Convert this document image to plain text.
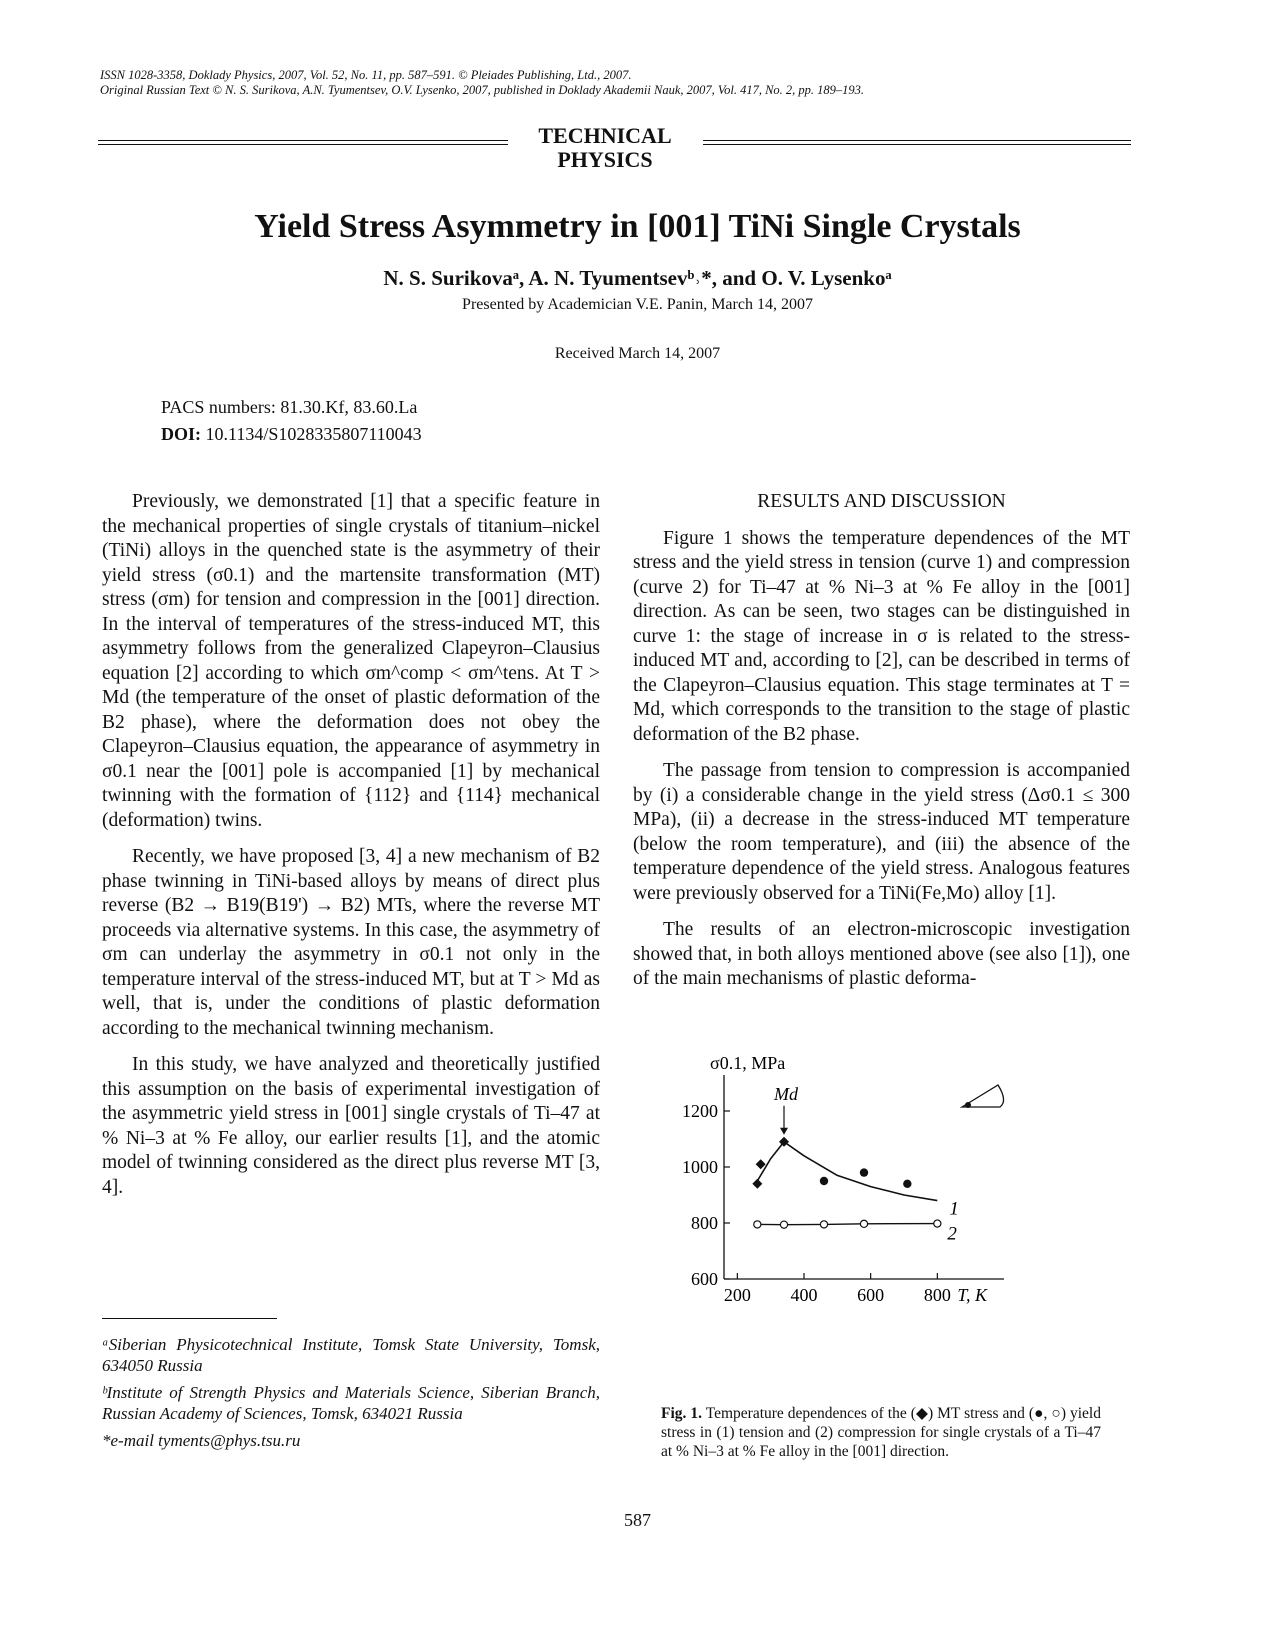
ISSN 1028-3358, Doklady Physics, 2007, Vol. 52, No. 11, pp. 587–591. © Pleiades Publishing, Ltd., 2007.
Original Russian Text © N. S. Surikova, A.N. Tyumentsev, O.V. Lysenko, 2007, published in Doklady Akademii Nauk, 2007, Vol. 417, No. 2, pp. 189–193.
TECHNICAL
PHYSICS
Yield Stress Asymmetry in [001] TiNi Single Crystals
N. S. Surikovaᵃ, A. N. Tyumentsevᵇ˒*, and O. V. Lysenkoᵃ
Presented by Academician V.E. Panin, March 14, 2007
Received March 14, 2007
PACS numbers: 81.30.Kf, 83.60.La
DOI: 10.1134/S1028335807110043

Previously, we demonstrated [1] that a specific feature in the mechanical properties of single crystals of titanium–nickel (TiNi) alloys in the quenched state is the asymmetry of their yield stress (σ0.1) and the martensite transformation (MT) stress (σm) for tension and compression in the [001] direction. In the interval of temperatures of the stress-induced MT, this asymmetry follows from the generalized Clapeyron–Clausius equation [2] according to which σm^comp < σm^tens. At T > Md (the temperature of the onset of plastic deformation of the B2 phase), where the deformation does not obey the Clapeyron–Clausius equation, the appearance of asymmetry in σ0.1 near the [001] pole is accompanied [1] by mechanical twinning with the formation of {112} and {114} mechanical (deformation) twins.

Recently, we have proposed [3, 4] a new mechanism of B2 phase twinning in TiNi-based alloys by means of direct plus reverse (B2 → B19(B19') → B2) MTs, where the reverse MT proceeds via alternative systems. In this case, the asymmetry of σm can underlay the asymmetry in σ0.1 not only in the temperature interval of the stress-induced MT, but at T > Md as well, that is, under the conditions of plastic deformation according to the mechanical twinning mechanism.

In this study, we have analyzed and theoretically justified this assumption on the basis of experimental investigation of the asymmetric yield stress in [001] single crystals of Ti–47 at % Ni–3 at % Fe alloy, our earlier results [1], and the atomic model of twinning considered as the direct plus reverse MT [3, 4].

RESULTS AND DISCUSSION

Figure 1 shows the temperature dependences of the MT stress and the yield stress in tension (curve 1) and compression (curve 2) for Ti–47 at % Ni–3 at % Fe alloy in the [001] direction. As can be seen, two stages can be distinguished in curve 1: the stage of increase in σ is related to the stress-induced MT and, according to [2], can be described in terms of the Clapeyron–Clausius equation. This stage terminates at T = Md, which corresponds to the transition to the stage of plastic deformation of the B2 phase.

The passage from tension to compression is accompanied by (i) a considerable change in the yield stress (Δσ0.1 ≤ 300 MPa), (ii) a decrease in the stress-induced MT temperature (below the room temperature), and (iii) the absence of the temperature dependence of the yield stress. Analogous features were previously observed for a TiNi(Fe,Mo) alloy [1].

The results of an electron-microscopic investigation showed that, in both alloys mentioned above (see also [1]), one of the main mechanisms of plastic deforma-

200 400 600 800
600
800
1000
1200
σ0.1, MPa
T, K
1
2
Md
Fig. 1. Temperature dependences of the (◆) MT stress and (●, ○) yield stress in (1) tension and (2) compression for single crystals of a Ti–47 at % Ni–3 at % Fe alloy in the [001] direction.
ᵃSiberian Physicotechnical Institute, Tomsk State University, Tomsk, 634050 Russia
ᵇInstitute of Strength Physics and Materials Science, Siberian Branch, Russian Academy of Sciences, Tomsk, 634021 Russia
*e-mail tyments@phys.tsu.ru
587
